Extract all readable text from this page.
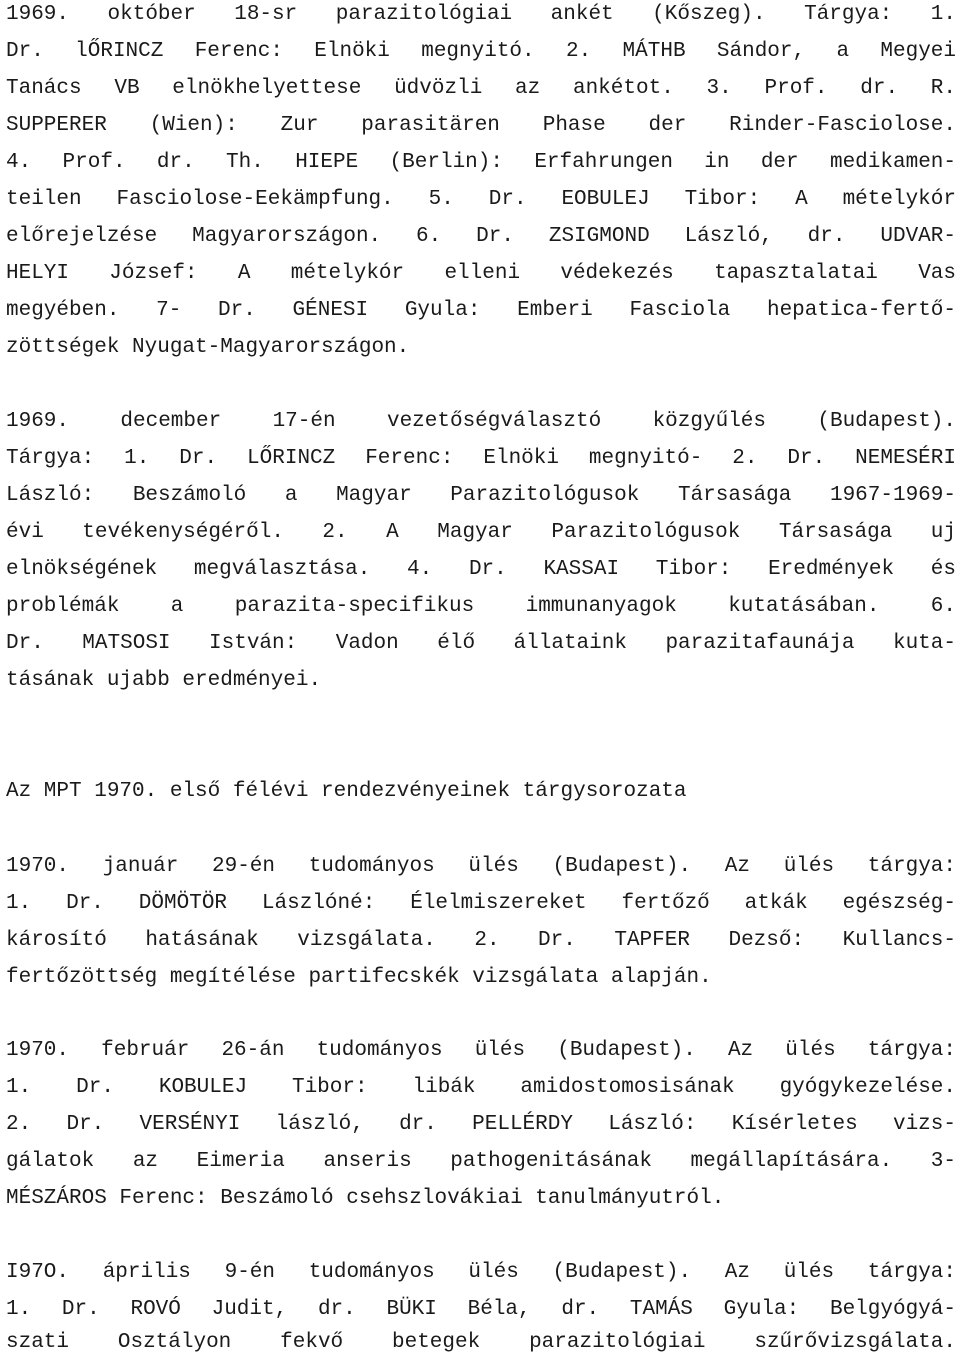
1969. október 18-sr parazitológiai ankét (Kőszeg). Tárgya: 1.
Dr. lŐRINCZ Ferenc: Elnöki megnyitó. 2. MÁTHB Sándor, a Megyei
Tanács VB elnökhelyettese üdvözli az ankétot. 3. Prof. dr. R.
SUPPERER (Wien): Zur parasitären Phase der Rinder-Fasciolose.
4. Prof. dr. Th. HIEPE (Berlin): Erfahrungen in der medikamen-
teilen Fasciolose-Eekämpfung. 5. Dr. EOBULEJ Tibor: A mételykór
előrejelzése Magyarországon. 6. Dr. ZSIGMOND László, dr. UDVAR-
HELYI József: A mételykór elleni védekezés tapasztalatai Vas
megyében. 7- Dr. GÉNESI Gyula: Emberi Fasciola hepatica-fertő-
zöttségek Nyugat-Magyarországon.
1969. december 17-én vezetőségválasztó közgyűlés (Budapest).
Tárgya: 1. Dr. LŐRINCZ Ferenc: Elnöki megnyitó- 2. Dr. NEMESÉRI
László: Beszámoló a Magyar Parazitológusok Társasága 1967-1969-
évi tevékenységéről. 2. A Magyar Parazitológusok Társasága uj
elnökségének megválasztása. 4. Dr. KASSAI Tibor: Eredmények és
problémák a parazita-specifikus immunanyagok kutatásában. 6.
Dr. MATSOSI István: Vadon élő állataink parazitafaunája kuta-
tásának ujabb eredményei.
Az MPT 1970. első félévi rendezvényeinek tárgysorozata
1970. január 29-én tudományos ülés (Budapest). Az ülés tárgya:
1. Dr. DÖMÖTÖR Lászlóné: Élelmiszereket fertőző atkák egészség-
károsító hatásának vizsgálata. 2. Dr. TAPFER Dezső: Kullancs-
fertőzöttség megítélése partifecskék vizsgálata alapján.
1970. február 26-án tudományos ülés (Budapest). Az ülés tárgya:
1. Dr. KOBULEJ Tibor: libák amidostomosisának gyógykezelése.
2. Dr. VERSÉNYI lászló, dr. PELLÉRDY László: Kísérletes vizs-
gálatok az Eimeria anseris pathogenitásának megállapítására. 3-
MÉSZÁROS Ferenc: Beszámoló csehszlovákiai tanulmányutról.
I97O. április 9-én tudományos ülés (Budapest). Az ülés tárgya:
1. Dr. ROVÓ Judit, dr. BÜKI Béla, dr. TAMÁS Gyula: Belgyógyá-
szati Osztályon fekvő betegek parazitológiai szűrővizsgálata.
